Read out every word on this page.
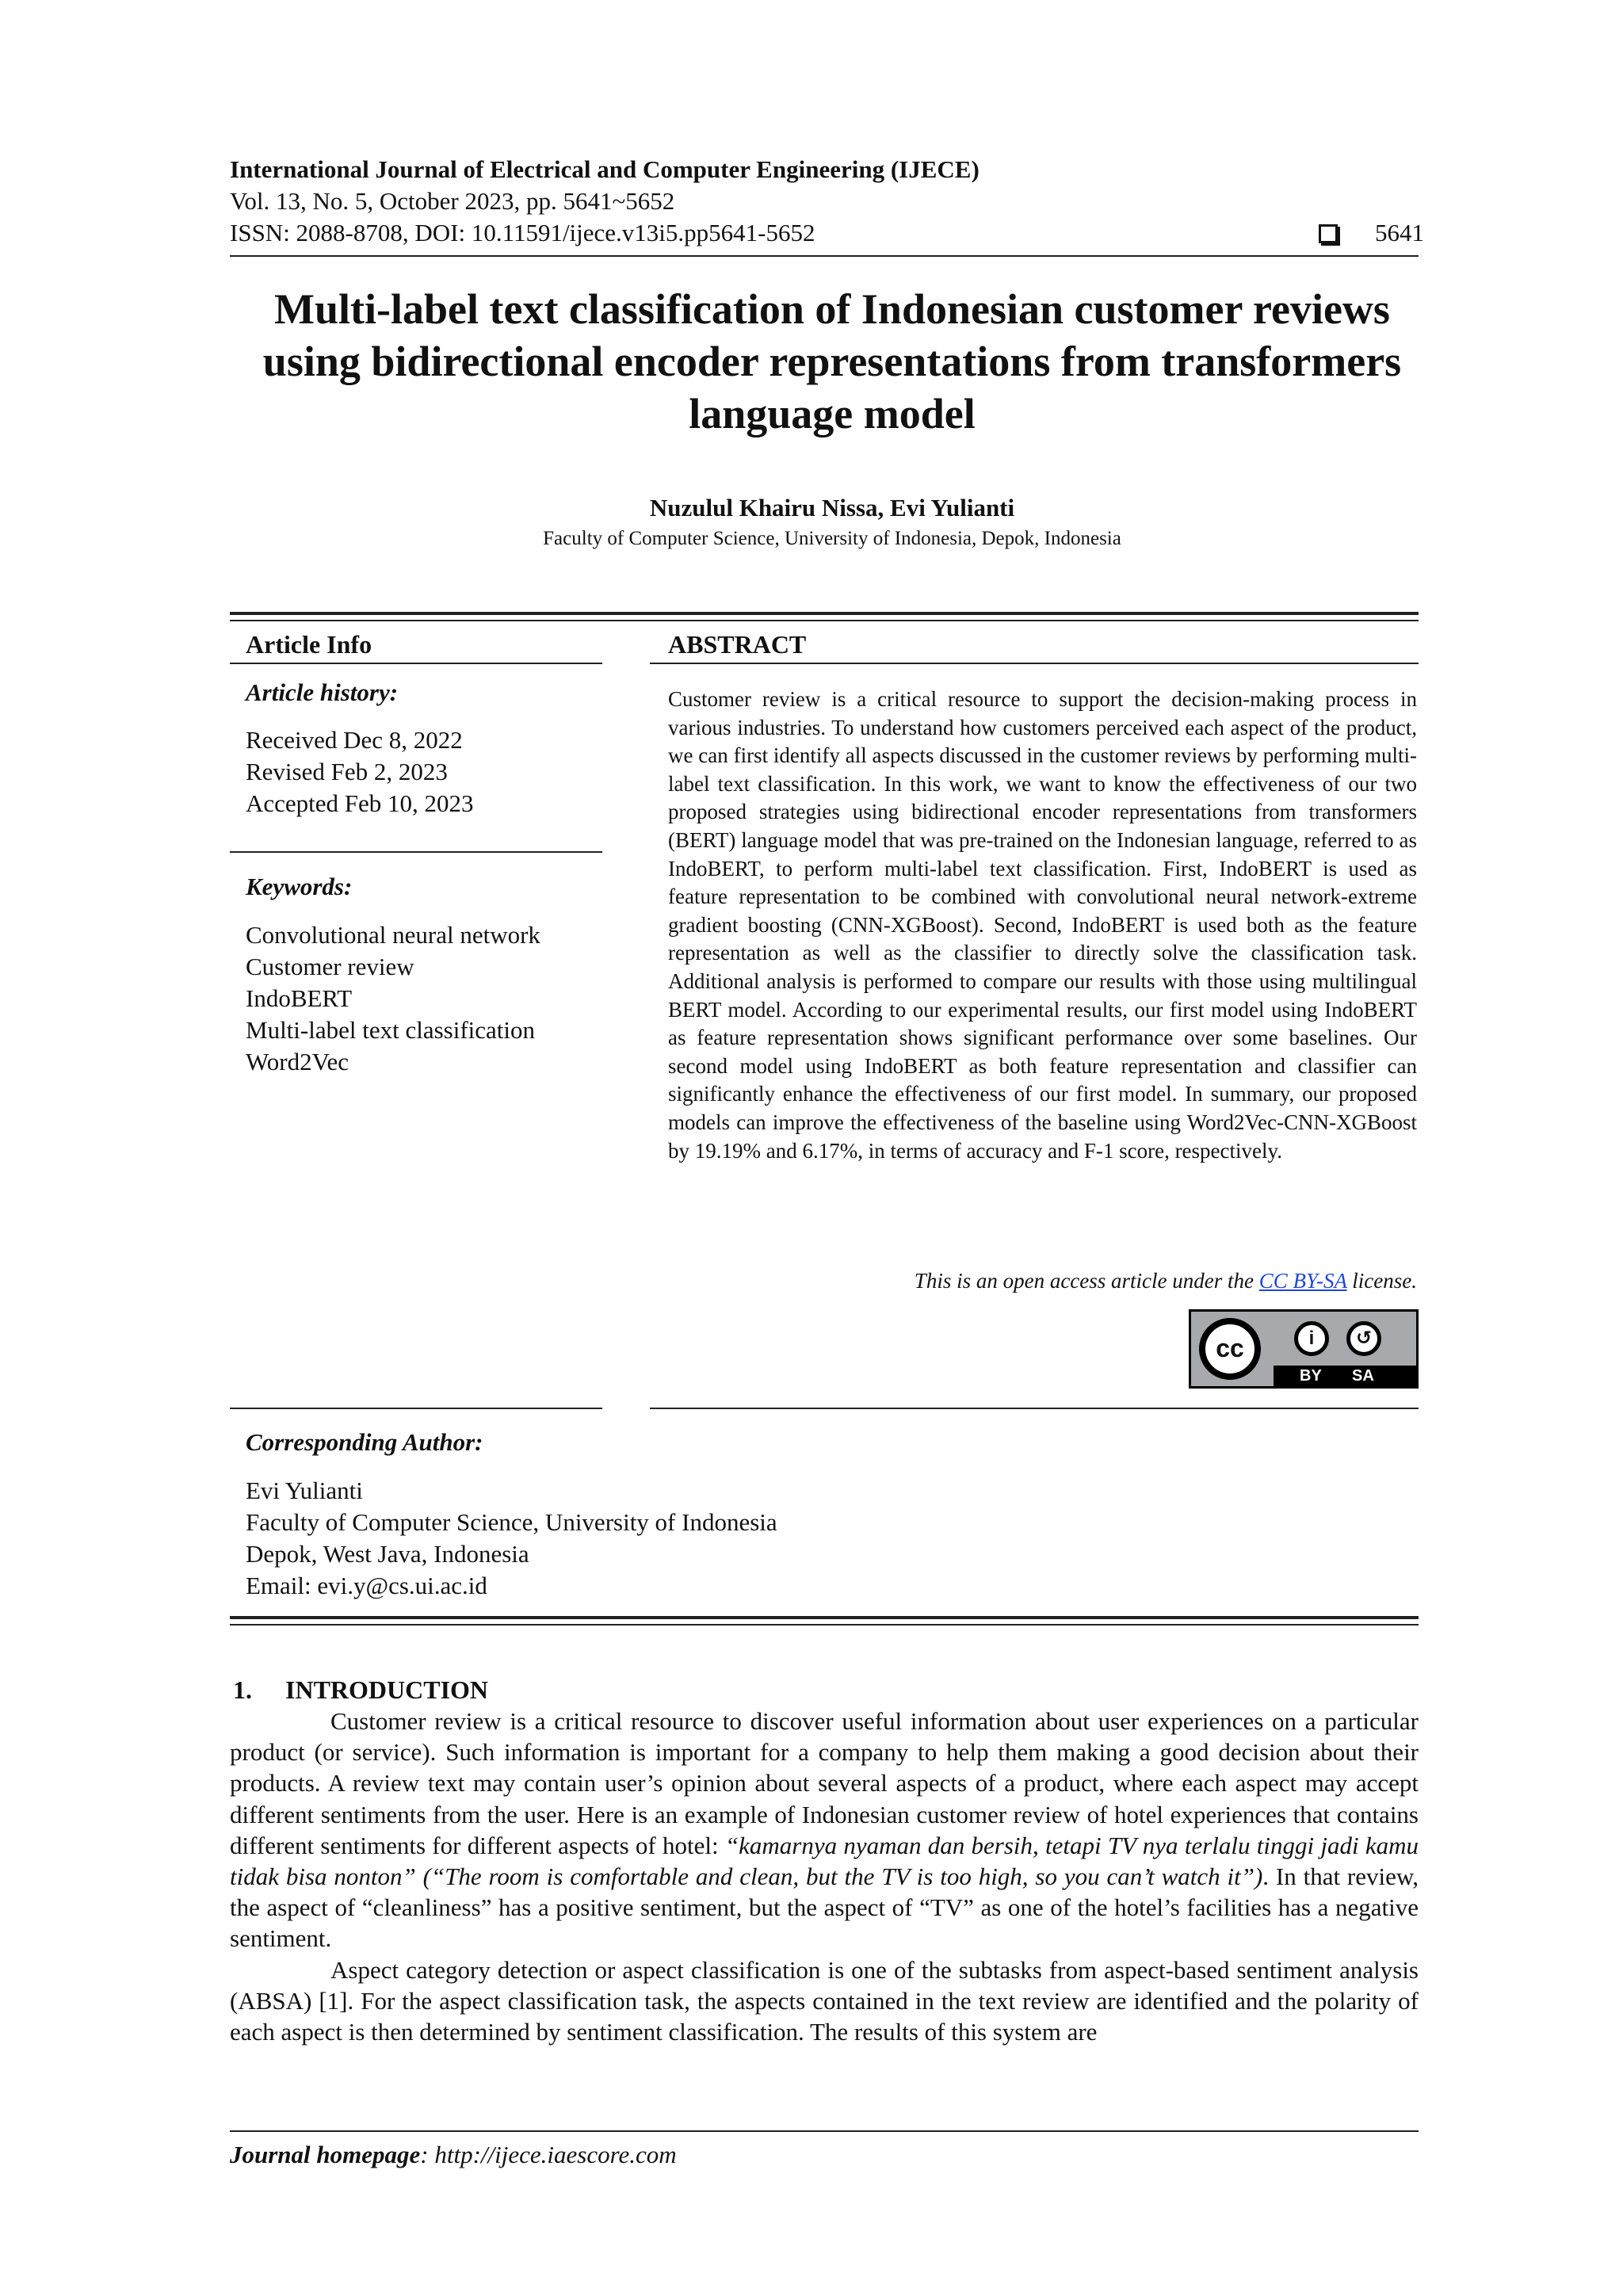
International Journal of Electrical and Computer Engineering (IJECE)
Vol. 13, No. 5, October 2023, pp. 5641~5652
ISSN: 2088-8708, DOI: 10.11591/ijece.v13i5.pp5641-5652	5641
Multi-label text classification of Indonesian customer reviews
using bidirectional encoder representations from transformers
language model
Nuzulul Khairu Nissa, Evi Yulianti
Faculty of Computer Science, University of Indonesia, Depok, Indonesia
Article Info
Article history:
Received Dec 8, 2022
Revised Feb 2, 2023
Accepted Feb 10, 2023
Keywords:
Convolutional neural network
Customer review
IndoBERT
Multi-label text classification
Word2Vec
ABSTRACT
Customer review is a critical resource to support the decision-making process in various industries. To understand how customers perceived each aspect of the product, we can first identify all aspects discussed in the customer reviews by performing multi-label text classification. In this work, we want to know the effectiveness of our two proposed strategies using bidirectional encoder representations from transformers (BERT) language model that was pre-trained on the Indonesian language, referred to as IndoBERT, to perform multi-label text classification. First, IndoBERT is used as feature representation to be combined with convolutional neural network-extreme gradient boosting (CNN-XGBoost). Second, IndoBERT is used both as the feature representation as well as the classifier to directly solve the classification task. Additional analysis is performed to compare our results with those using multilingual BERT model. According to our experimental results, our first model using IndoBERT as feature representation shows significant performance over some baselines. Our second model using IndoBERT as both feature representation and classifier can significantly enhance the effectiveness of our first model. In summary, our proposed models can improve the effectiveness of the baseline using Word2Vec-CNN-XGBoost by 19.19% and 6.17%, in terms of accuracy and F-1 score, respectively.
This is an open access article under the CC BY-SA license.
cc	i	↺
BY SA
Corresponding Author:
Evi Yulianti
Faculty of Computer Science, University of Indonesia
Depok, West Java, Indonesia
Email: evi.y@cs.ui.ac.id
1. INTRODUCTION

Customer review is a critical resource to discover useful information about user experiences on a particular product (or service). Such information is important for a company to help them making a good decision about their products. A review text may contain user’s opinion about several aspects of a product, where each aspect may accept different sentiments from the user. Here is an example of Indonesian customer review of hotel experiences that contains different sentiments for different aspects of hotel: “kamarnya nyaman dan bersih, tetapi TV nya terlalu tinggi jadi kamu tidak bisa nonton” (“The room is comfortable and clean, but the TV is too high, so you can’t watch it”). In that review, the aspect of “cleanliness” has a positive sentiment, but the aspect of “TV” as one of the hotel’s facilities has a negative sentiment.

Aspect category detection or aspect classification is one of the subtasks from aspect-based sentiment analysis (ABSA) [1]. For the aspect classification task, the aspects contained in the text review are identified and the polarity of each aspect is then determined by sentiment classification. The results of this system are

Journal homepage: http://ijece.iaescore.com
